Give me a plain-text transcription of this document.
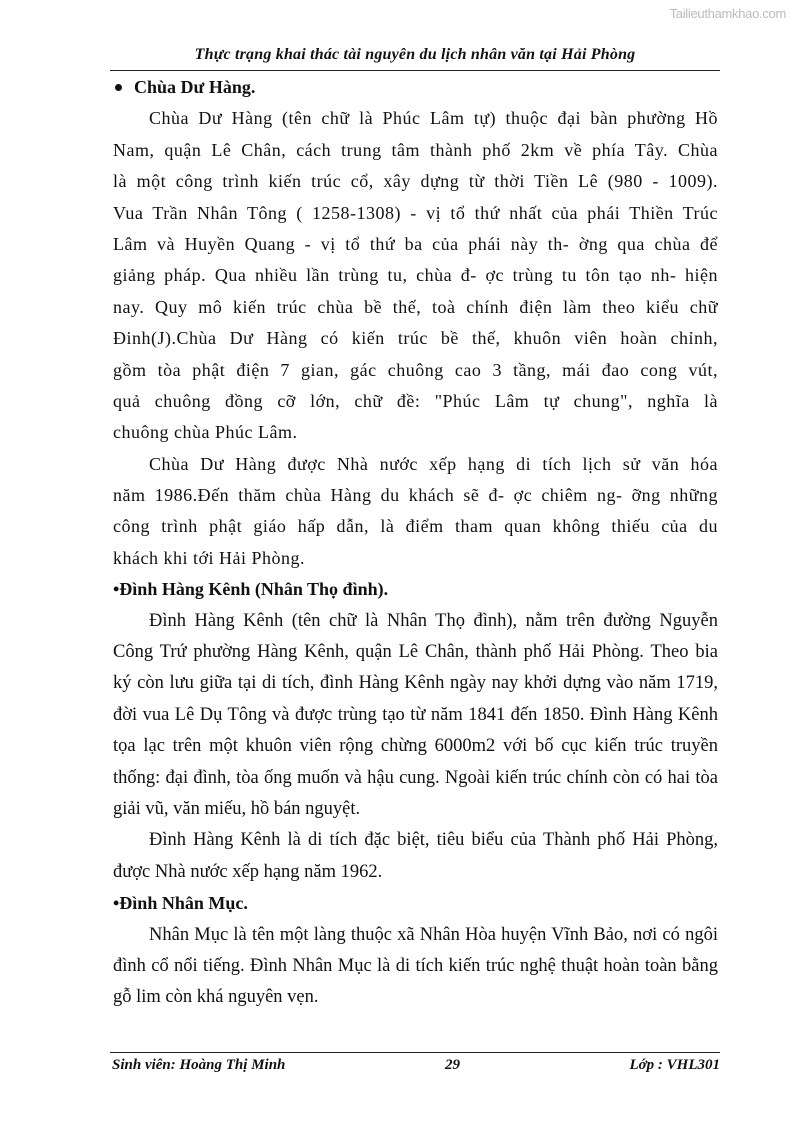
Tailieuthamkhao.com
Thực trạng khai thác tài nguyên du lịch nhân văn tại Hải Phòng
Chùa Dư Hàng.
Chùa Dư Hàng (tên chữ là Phúc Lâm tự) thuộc đại bàn phường Hồ
Nam, quận Lê Chân, cách trung tâm thành phố 2km về phía Tây. Chùa
là một công trình kiến trúc cổ, xây dựng từ thời Tiền Lê (980 - 1009).
Vua Trần Nhân Tông ( 1258-1308) - vị tổ thứ nhất của phái Thiền Trúc
Lâm và Huyền Quang - vị tổ thứ ba của phái này th- ờng qua chùa để
giảng pháp. Qua nhiều lần trùng tu, chùa đ- ợc trùng tu tôn tạo nh- hiện
nay. Quy mô kiến trúc chùa bề thế, toà chính điện làm theo kiểu chữ
Đinh(J).Chùa Dư Hàng có kiến trúc bề thế, khuôn viên hoàn chỉnh,
gồm tòa phật điện 7 gian, gác chuông cao 3 tầng, mái đao cong vút,
quả chuông đồng cỡ lớn, chữ đề: "Phúc Lâm tự chung", nghĩa là
chuông chùa Phúc Lâm.
Chùa Dư Hàng được Nhà nước xếp hạng di tích lịch sử văn hóa
năm 1986.Đến thăm chùa Hàng du khách sẽ đ- ợc chiêm ng- ỡng những
công trình phật giáo hấp dẫn, là điểm tham quan không thiếu của du
khách khi tới Hải Phòng.
•Đình Hàng Kênh (Nhân Thọ đình).
Đình Hàng Kênh (tên chữ là Nhân Thọ đình), nằm trên đường Nguyễn
Công Trứ phường Hàng Kênh, quận Lê Chân, thành phố Hải Phòng. Theo bia
ký còn lưu giữa tại di tích, đình Hàng Kênh ngày nay khởi dựng vào năm 1719,
đời vua Lê Dụ Tông và được trùng tạo từ năm 1841 đến 1850. Đình Hàng Kênh
tọa lạc trên một khuôn viên rộng chừng 6000m2 với bố cục kiến trúc truyền
thống: đại đình, tòa ống muốn và hậu cung. Ngoài kiến trúc chính còn có hai tòa
giải vũ, văn miếu, hồ bán nguyệt.
Đình Hàng Kênh là di tích đặc biệt, tiêu biểu của Thành phố Hải Phòng,
được Nhà nước xếp hạng năm 1962.
•Đình Nhân Mục.
Nhân Mục là tên một làng thuộc xã Nhân Hòa huyện Vĩnh Bảo, nơi có ngôi
đình cổ nổi tiếng. Đình Nhân Mục là di tích kiến trúc nghệ thuật hoàn toàn bằng
gỗ lim còn khá nguyên vẹn.
Sinh viên: Hoàng Thị Minh	29	Lớp : VHL301
